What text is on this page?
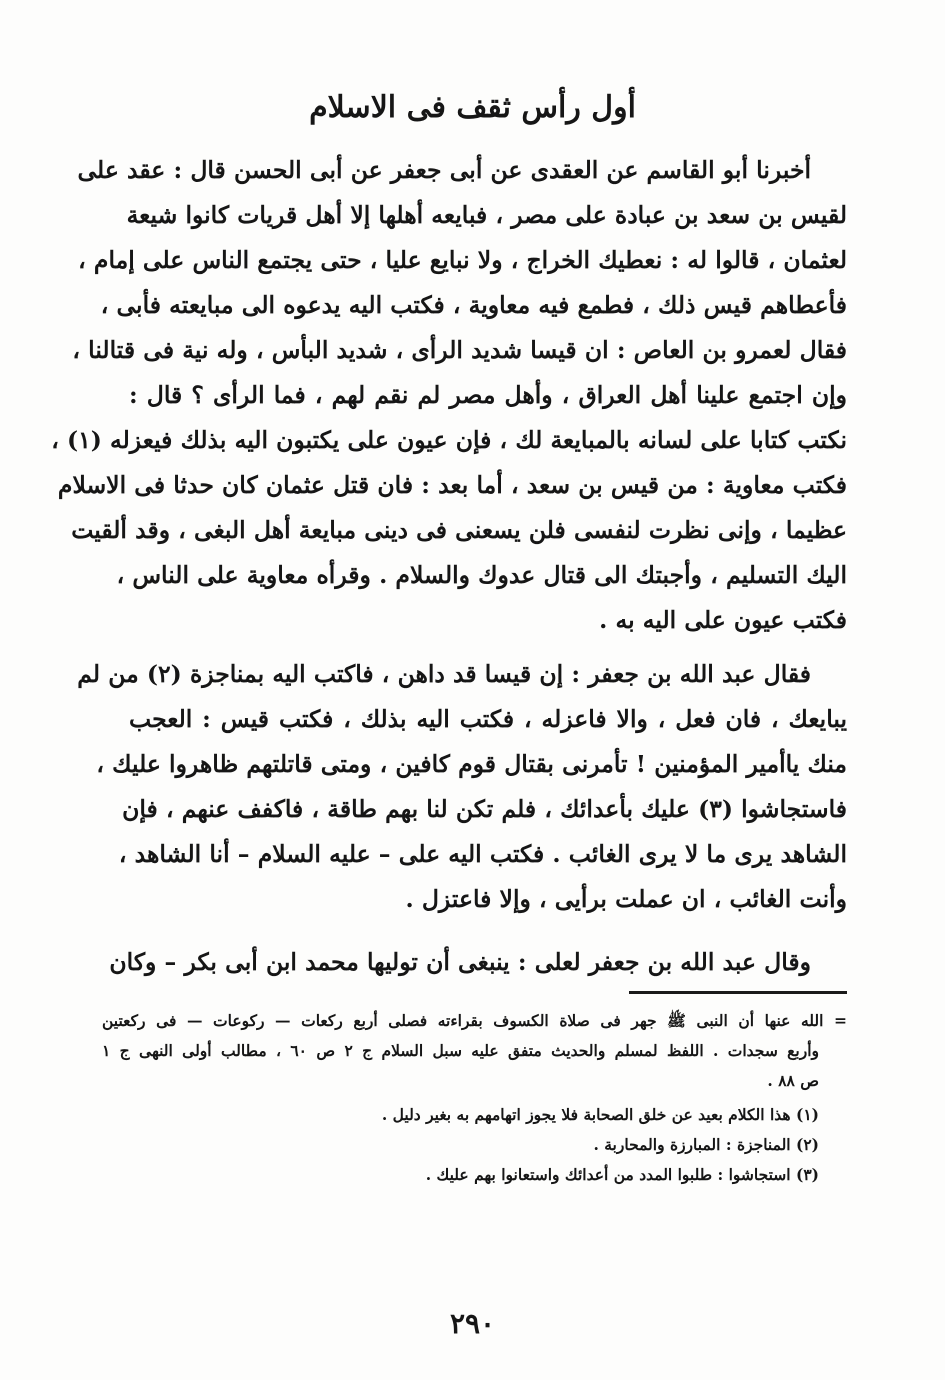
أول رأس ثقف فى الاسلام
أخبرنا أبو القاسم عن العقدى عن أبى جعفر عن أبى الحسن قال : عقد على
لقيس بن سعد بن عبادة على مصر ، فبايعه أهلها إلا أهل قريات كانوا شيعة
لعثمان ، قالوا له : نعطيك الخراج ، ولا نبايع عليا ، حتى يجتمع الناس على إمام ،
فأعطاهم قيس ذلك ، فطمع فيه معاوية ، فكتب اليه يدعوه الى مبايعته فأبى ،
فقال لعمرو بن العاص : ان قيسا شديد الرأى ، شديد البأس ، وله نية فى قتالنا ،
وإن اجتمع علينا أهل العراق ، وأهل مصر لم نقم لهم ، فما الرأى ؟ قال :
نكتب كتابا على لسانه بالمبايعة لك ، فإن عيون على يكتبون اليه بذلك فيعزله (١) ،
فكتب معاوية : من قيس بن سعد ، أما بعد : فان قتل عثمان كان حدثا فى الاسلام
عظيما ، وإنى نظرت لنفسى فلن يسعنى فى دينى مبايعة أهل البغى ، وقد ألقيت
اليك التسليم ، وأجبتك الى قتال عدوك والسلام . وقرأه معاوية على الناس ،
فكتب عيون على اليه به .
فقال عبد الله بن جعفر : إن قيسا قد داهن ، فاكتب اليه بمناجزة (٢) من لم
يبايعك ، فان فعل ، والا فاعزله ، فكتب اليه بذلك ، فكتب قيس : العجب
منك ياأمير المؤمنين ! تأمرنى بقتال قوم كافين ، ومتى قاتلتهم ظاهروا عليك ،
فاستجاشوا (٣) عليك بأعدائك ، فلم تكن لنا بهم طاقة ، فاكفف عنهم ، فإن
الشاهد يرى ما لا يرى الغائب . فكتب اليه على – عليه السلام – أنا الشاهد ،
وأنت الغائب ، ان عملت برأيى ، وإلا فاعتزل .
وقال عبد الله بن جعفر لعلى : ينبغى أن توليها محمد ابن أبى بكر – وكان
= الله عنها أن النبى ﷺ جهر فى صلاة الكسوف بقراءته فصلى أربع ركعات — ركوعات — فى ركعتين
وأربع سجدات . اللفظ لمسلم والحديث متفق عليه سبل السلام ج ٢ ص ٦٠ ، مطالب أولى النهى ج ١
ص ٨٨ .
(١) هذا الكلام بعيد عن خلق الصحابة فلا يجوز اتهامهم به بغير دليل .
(٢) المناجزة : المبارزة والمحاربة .
(٣) استجاشوا : طلبوا المدد من أعدائك واستعانوا بهم عليك .
٢٩٠
